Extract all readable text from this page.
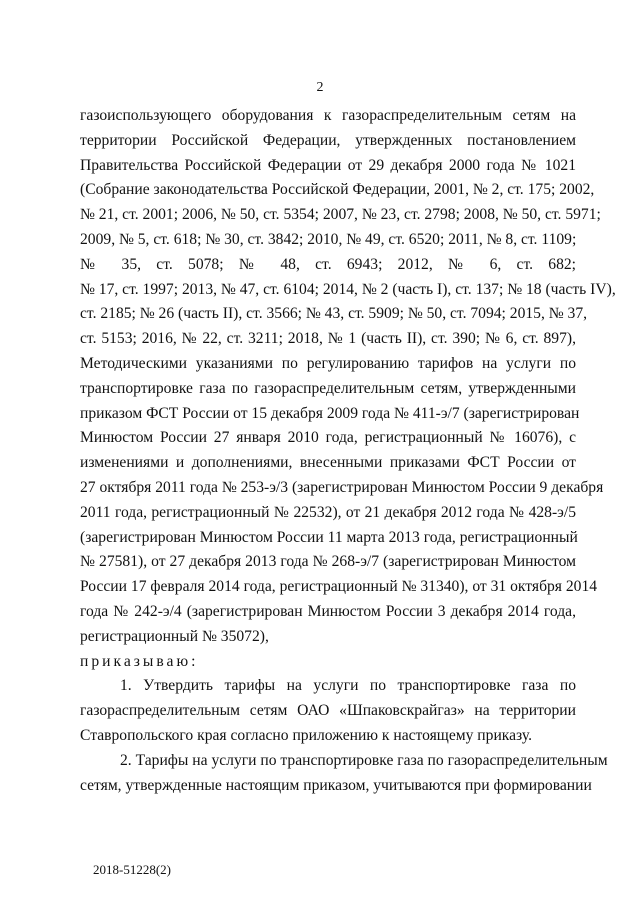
2
газоиспользующего оборудования к газораспределительным сетям на
территории Российской Федерации, утвержденных постановлением
Правительства Российской Федерации от 29 декабря 2000 года № 1021
(Собрание законодательства Российской Федерации, 2001, № 2, ст. 175; 2002,
№ 21, ст. 2001; 2006, № 50, ст. 5354; 2007, № 23, ст. 2798; 2008, № 50, ст. 5971;
2009, № 5, ст. 618; № 30, ст. 3842; 2010, № 49, ст. 6520; 2011, № 8, ст. 1109;
№ 35, ст. 5078; № 48, ст. 6943; 2012, № 6, ст. 682;
№ 17, ст. 1997; 2013, № 47, ст. 6104; 2014, № 2 (часть I), ст. 137; № 18 (часть IV),
ст. 2185; № 26 (часть II), ст. 3566; № 43, ст. 5909; № 50, ст. 7094; 2015, № 37,
ст. 5153; 2016, № 22, ст. 3211; 2018, № 1 (часть II), ст. 390; № 6, ст. 897),
Методическими указаниями по регулированию тарифов на услуги по
транспортировке газа по газораспределительным сетям, утвержденными
приказом ФСТ России от 15 декабря 2009 года № 411-э/7 (зарегистрирован
Минюстом России 27 января 2010 года, регистрационный № 16076), с
изменениями и дополнениями, внесенными приказами ФСТ России от
27 октября 2011 года № 253-э/3 (зарегистрирован Минюстом России 9 декабря
2011 года, регистрационный № 22532), от 21 декабря 2012 года № 428-э/5
(зарегистрирован Минюстом России 11 марта 2013 года, регистрационный
№ 27581), от 27 декабря 2013 года № 268-э/7 (зарегистрирован Минюстом
России 17 февраля 2014 года, регистрационный № 31340), от 31 октября 2014
года № 242-э/4 (зарегистрирован Минюстом России 3 декабря 2014 года,
регистрационный № 35072),
приказываю:
1. Утвердить тарифы на услуги по транспортировке газа по
газораспределительным сетям ОАО «Шпаковскрайгаз» на территории
Ставропольского края согласно приложению к настоящему приказу.
2. Тарифы на услуги по транспортировке газа по газораспределительным
сетям, утвержденные настоящим приказом, учитываются при формировании
2018-51228(2)
